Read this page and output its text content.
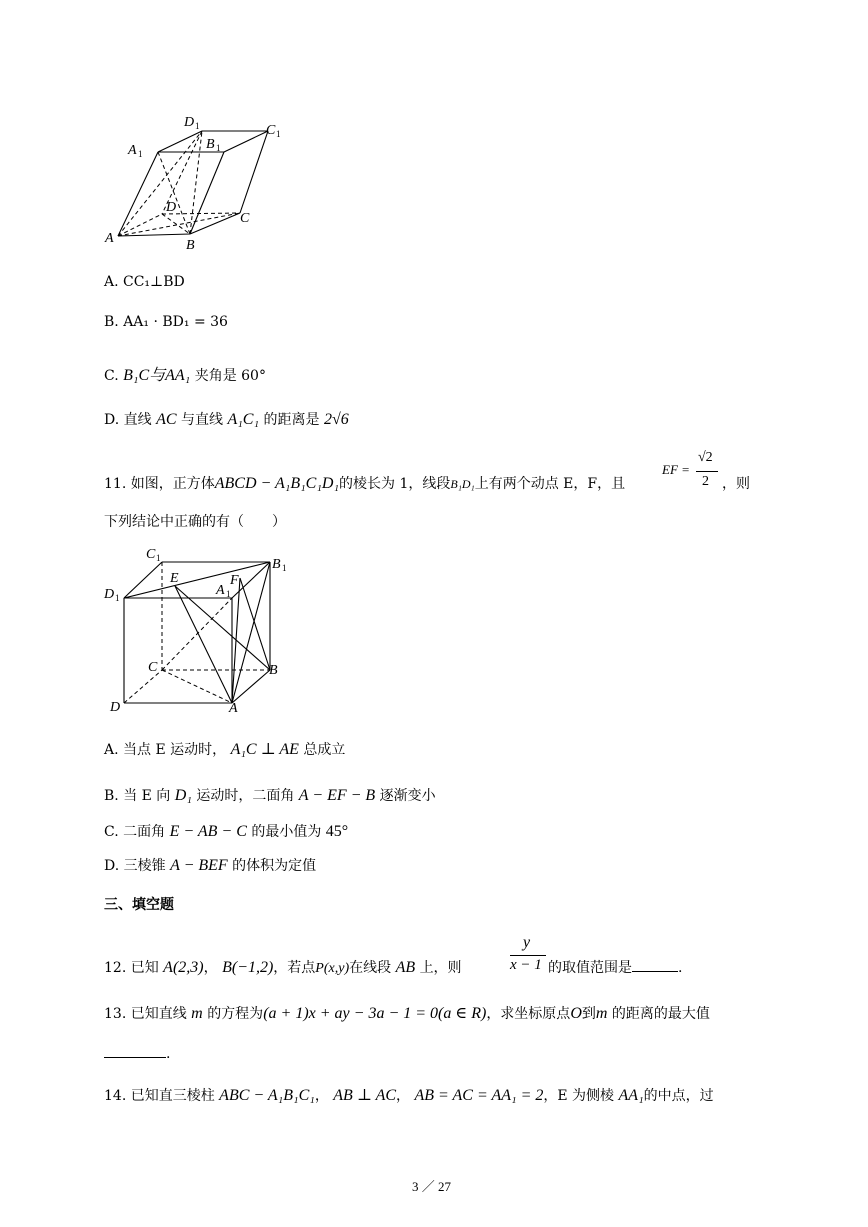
D 1	C 1
A 1
B 1
D
C
A	B
A. CC₁⊥BD
B. AA₁ · BD₁ = 36
C. B₁C与AA₁ 夹角是 60°
D. 直线 AC 与直线 A₁C₁ 的距离是 2√6
11. 如图，正方体ABCD − A₁B₁C₁D₁的棱长为 1，线段B₁D₁上有两个动点 E，F，且
EF =
√2
2 ，则
下列结论中正确的有（　　）
C 1	B 1
E	F
D 1	A 1
C	B
D	A
A. 当点 E 运动时， A₁C ⊥ AE 总成立
B. 当 E 向 D₁ 运动时，二面角 A − EF − B 逐渐变小
C. 二面角 E − AB − C 的最小值为 45°
D. 三棱锥 A − BEF 的体积为定值
三、填空题
12. 已知 A(2,3)， B(−1,2)，若点P(x,y)在线段 AB 上，则
y
x − 1 的取值范围是	.
13. 已知直线 m 的方程为(a + 1)x + ay − 3a − 1 = 0(a ∈ R)，求坐标原点O到m 的距离的最大值
.
14. 已知直三棱柱 ABC − A₁B₁C₁， AB ⊥ AC， AB = AC = AA₁ = 2，E 为侧棱 AA₁的中点，过
3 ／ 27
